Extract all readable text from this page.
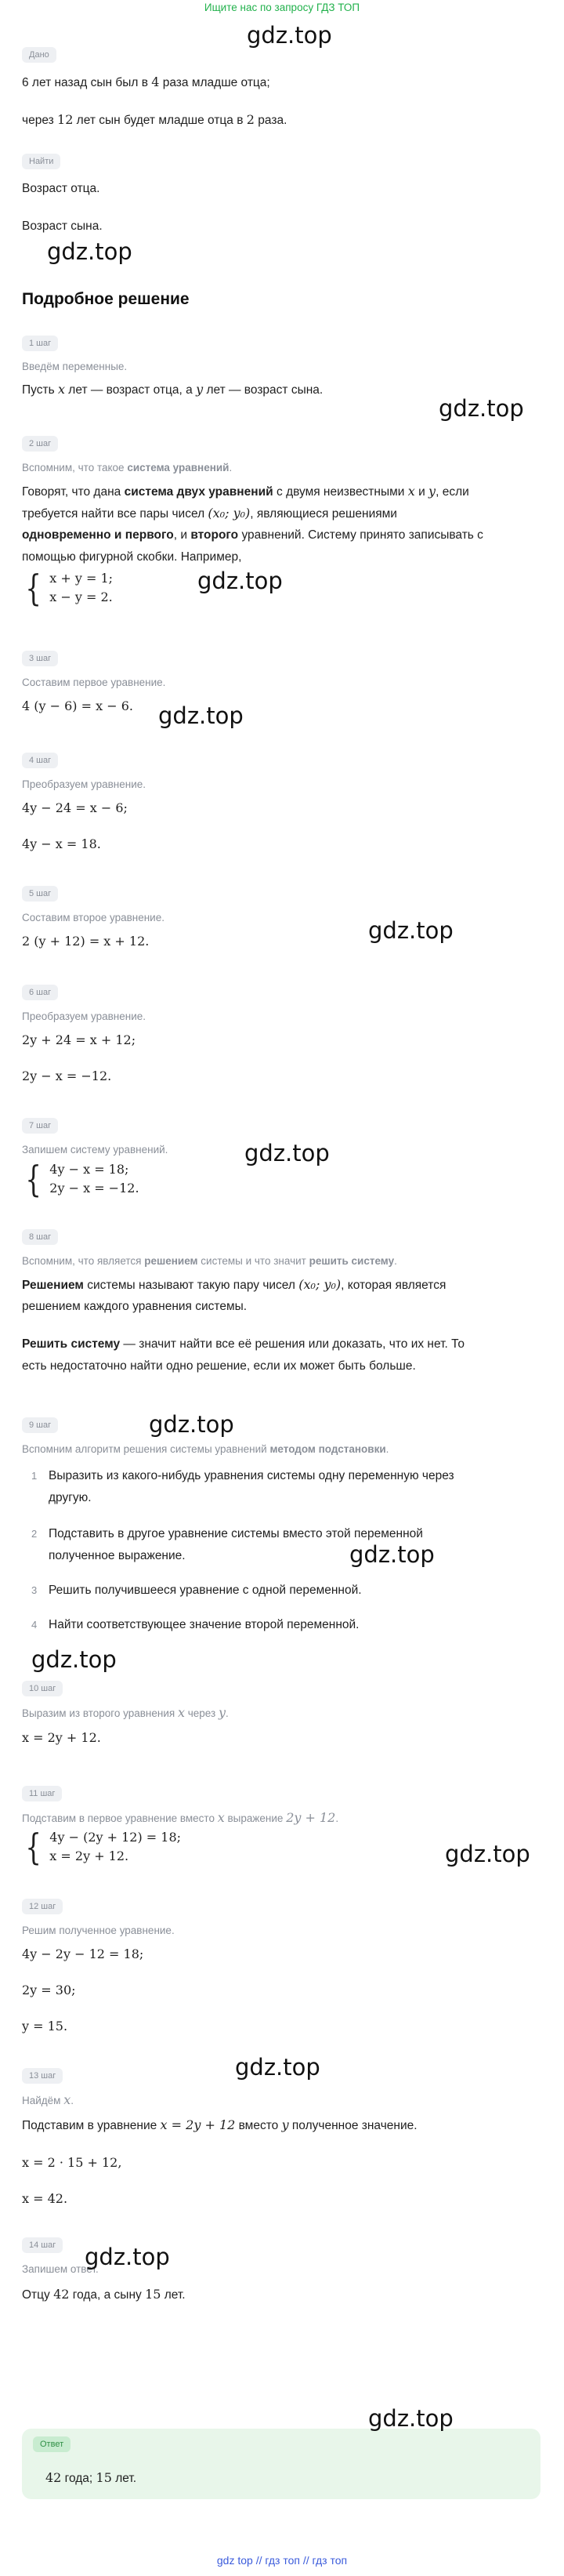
Ищите нас по запросу ГДЗ ТОП
Дано
6 лет назад сын был в 4 раза младше отца;
через 12 лет сын будет младше отца в 2 раза.
Найти
Возраст отца.
Возраст сына.
Подробное решение
1 шаг
Введём переменные.
Пусть x лет — возраст отца, а y лет — возраст сына.
2 шаг
Вспомним, что такое система уравнений.
Говорят, что дана система двух уравнений с двумя неизвестными x и y, если
требуется найти все пары чисел (x₀; y₀), являющиеся решениями
одновременно и первого, и второго уравнений. Систему принято записывать с
помощью фигурной скобки. Например,
{ x + y = 1;
x − y = 2.
3 шаг
Составим первое уравнение.
4 (y − 6) = x − 6.
4 шаг
Преобразуем уравнение.
4y − 24 = x − 6;
4y − x = 18.
5 шаг
Составим второе уравнение.
2 (y + 12) = x + 12.
6 шаг
Преобразуем уравнение.
2y + 24 = x + 12;
2y − x = −12.
7 шаг
Запишем систему уравнений.
{ 4y − x = 18;
2y − x = −12.
8 шаг
Вспомним, что является решением системы и что значит решить систему.
Решением системы называют такую пару чисел (x₀; y₀), которая является
решением каждого уравнения системы.
Решить систему — значит найти все её решения или доказать, что их нет. То
есть недостаточно найти одно решение, если их может быть больше.
9 шаг
Вспомним алгоритм решения системы уравнений методом подстановки.
1 Выразить из какого-нибудь уравнения системы одну переменную через
другую.
2 Подставить в другое уравнение системы вместо этой переменной
полученное выражение.
3 Решить получившееся уравнение с одной переменной.
4 Найти соответствующее значение второй переменной.
10 шаг
Выразим из второго уравнения x через y.
x = 2y + 12.
11 шаг
Подставим в первое уравнение вместо x выражение 2y + 12.
{ 4y − (2y + 12) = 18;
x = 2y + 12.
12 шаг
Решим полученное уравнение.
4y − 2y − 12 = 18;
2y = 30;
y = 15.
13 шаг
Найдём x.
Подставим в уравнение x = 2y + 12 вместо y полученное значение.
x = 2 · 15 + 12,
x = 42.
14 шаг
Запишем ответ.
Отцу 42 года, а сыну 15 лет.
Ответ
42 года; 15 лет.
gdz top // гдз топ // гдз топ
gdz.top
gdz.top
gdz.top
gdz.top
gdz.top
gdz.top
gdz.top
gdz.top
gdz.top
gdz.top
gdz.top
gdz.top
gdz.top
gdz.top
